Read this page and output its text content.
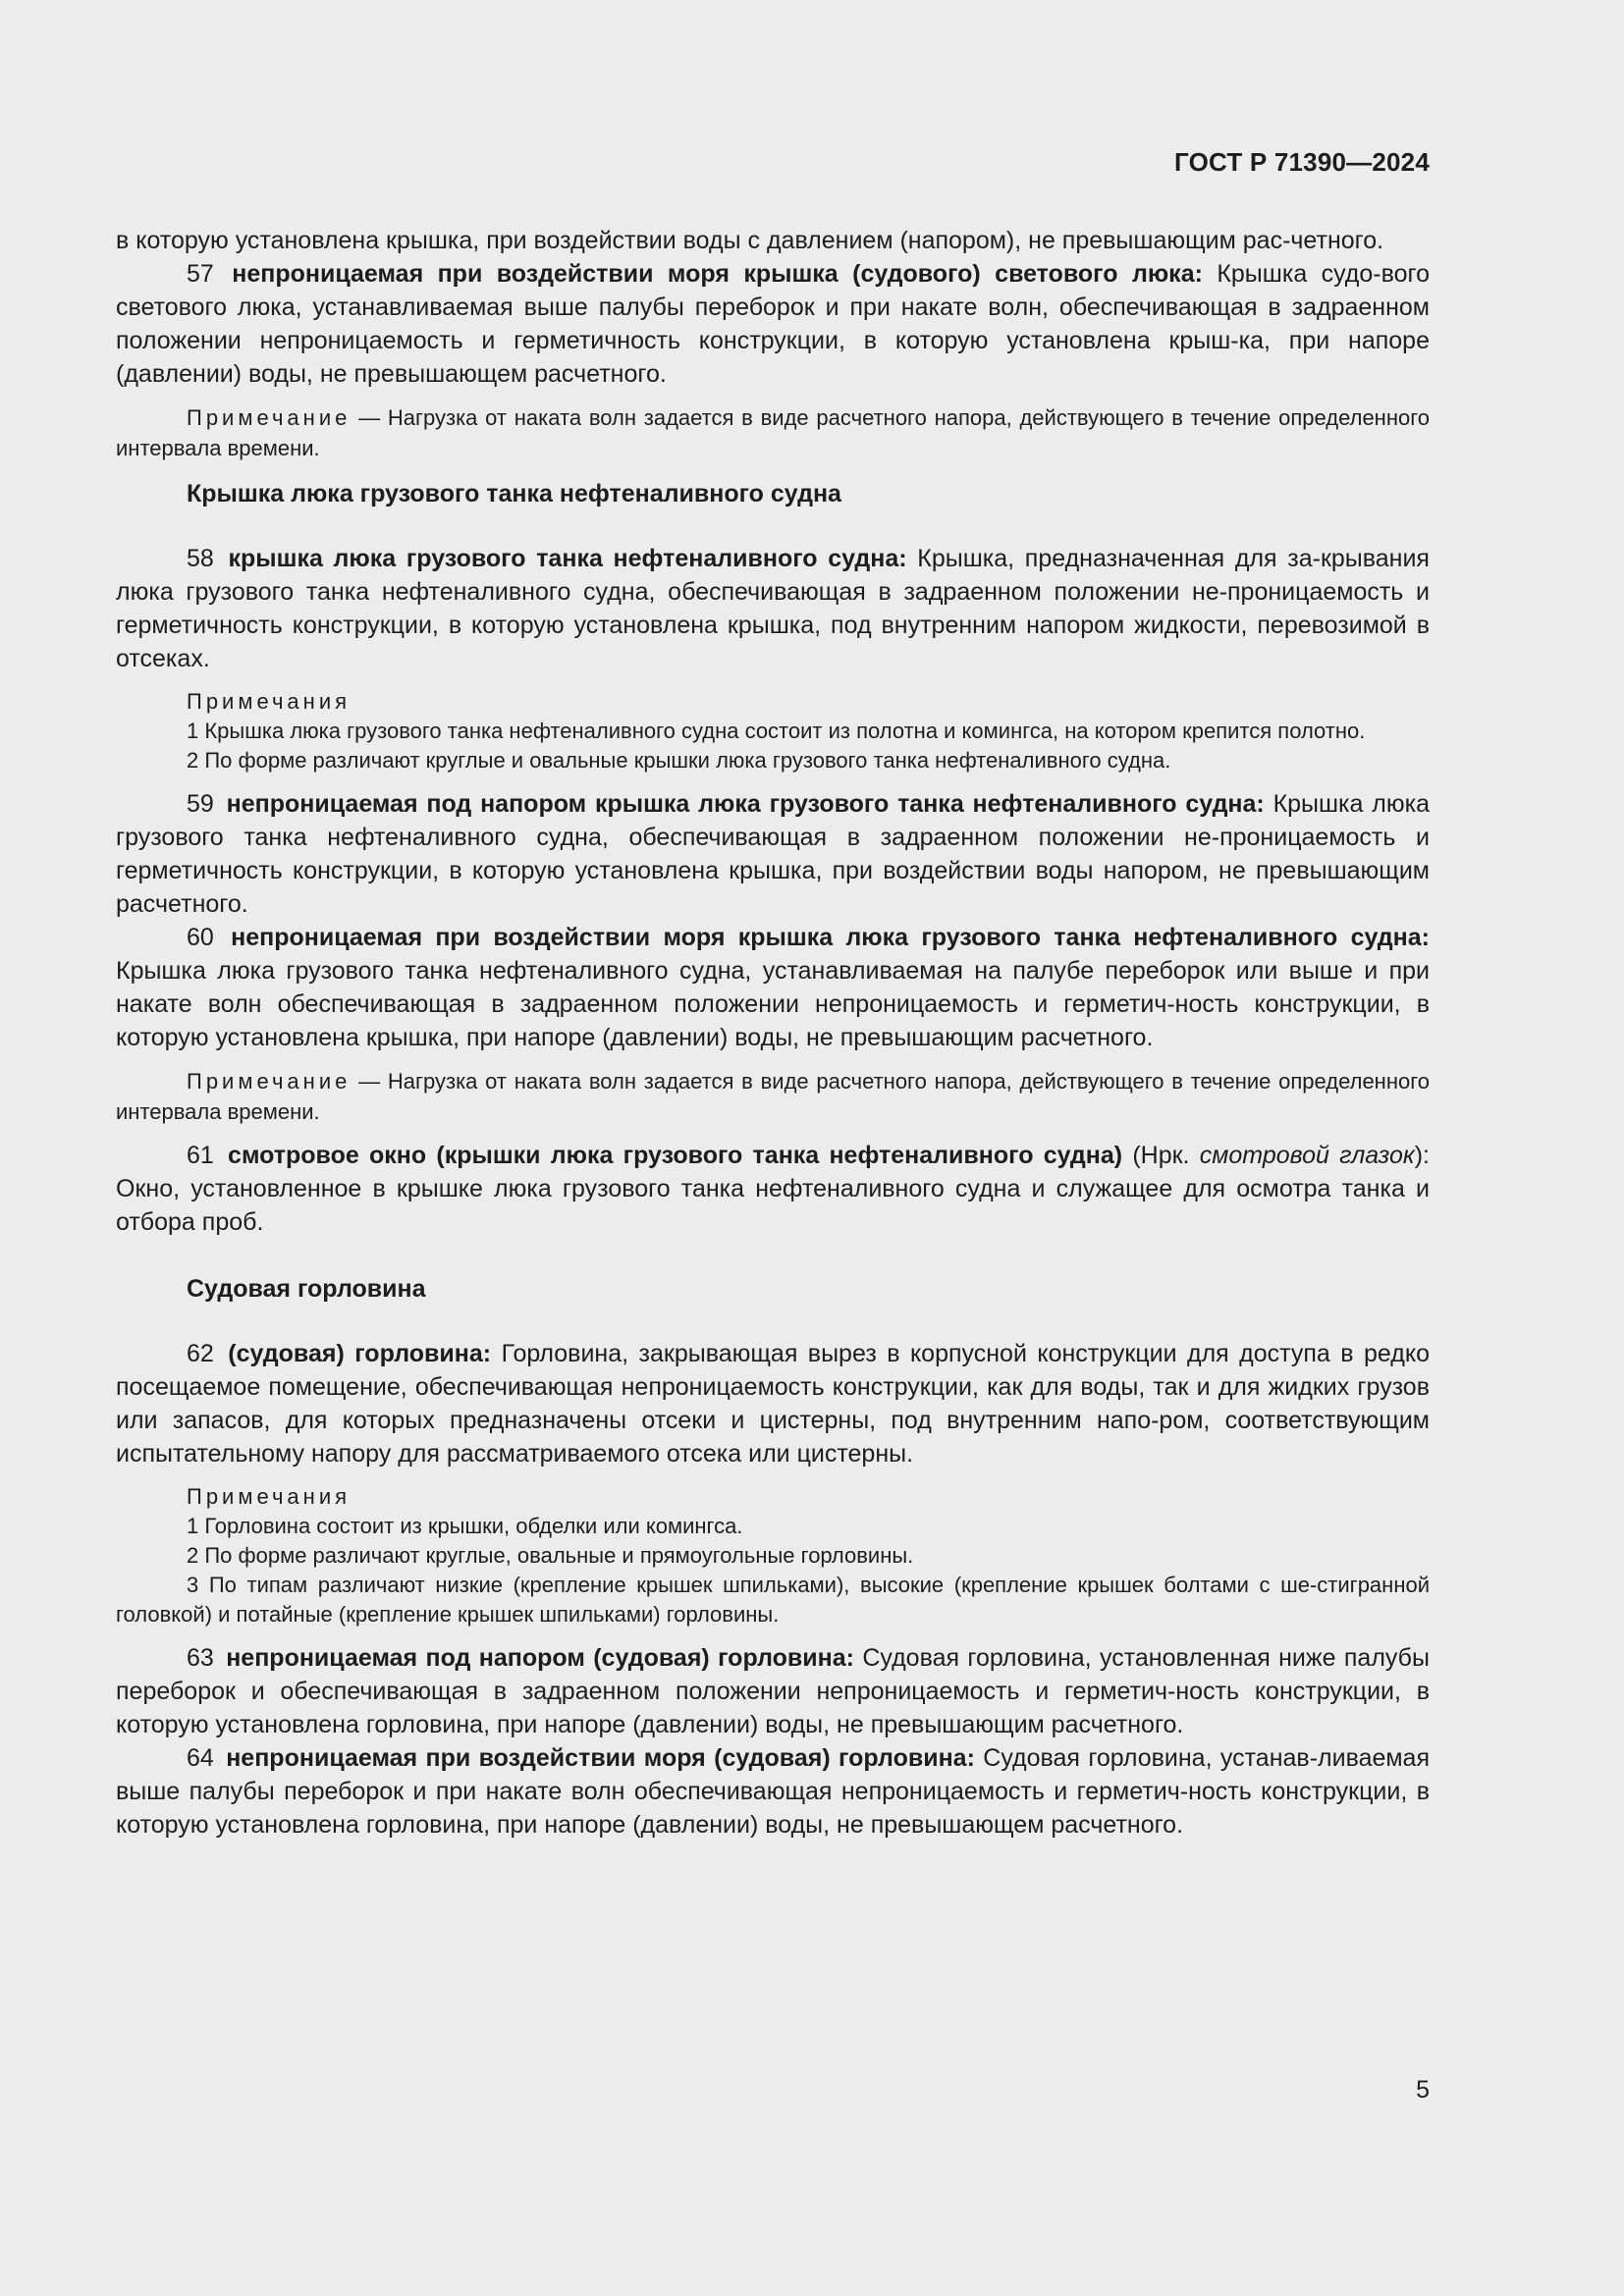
ГОСТ Р 71390—2024

в которую установлена крышка, при воздействии воды с давлением (напором), не превышающим рас-четного.

57 непроницаемая при воздействии моря крышка (судового) светового люка: Крышка судо-вого светового люка, устанавливаемая выше палубы переборок и при накате волн, обеспечивающая в задраенном положении непроницаемость и герметичность конструкции, в которую установлена крыш-ка, при напоре (давлении) воды, не превышающем расчетного.

Примечание — Нагрузка от наката волн задается в виде расчетного напора, действующего в течение определенного интервала времени.

Крышка люка грузового танка нефтеналивного судна

58 крышка люка грузового танка нефтеналивного судна: Крышка, предназначенная для за-крывания люка грузового танка нефтеналивного судна, обеспечивающая в задраенном положении не-проницаемость и герметичность конструкции, в которую установлена крышка, под внутренним напором жидкости, перевозимой в отсеках.

Примечания

1 Крышка люка грузового танка нефтеналивного судна состоит из полотна и комингса, на котором крепится полотно.

2 По форме различают круглые и овальные крышки люка грузового танка нефтеналивного судна.

59 непроницаемая под напором крышка люка грузового танка нефтеналивного судна: Крышка люка грузового танка нефтеналивного судна, обеспечивающая в задраенном положении не-проницаемость и герметичность конструкции, в которую установлена крышка, при воздействии воды напором, не превышающим расчетного.

60 непроницаемая при воздействии моря крышка люка грузового танка нефтеналивного судна: Крышка люка грузового танка нефтеналивного судна, устанавливаемая на палубе переборок или выше и при накате волн обеспечивающая в задраенном положении непроницаемость и герметич-ность конструкции, в которую установлена крышка, при напоре (давлении) воды, не превышающим расчетного.

Примечание — Нагрузка от наката волн задается в виде расчетного напора, действующего в течение определенного интервала времени.

61 смотровое окно (крышки люка грузового танка нефтеналивного судна) (Нрк. смотровой глазок): Окно, установленное в крышке люка грузового танка нефтеналивного судна и служащее для осмотра танка и отбора проб.

Судовая горловина

62 (судовая) горловина: Горловина, закрывающая вырез в корпусной конструкции для доступа в редко посещаемое помещение, обеспечивающая непроницаемость конструкции, как для воды, так и для жидких грузов или запасов, для которых предназначены отсеки и цистерны, под внутренним напо-ром, соответствующим испытательному напору для рассматриваемого отсека или цистерны.

Примечания

1 Горловина состоит из крышки, обделки или комингса.

2 По форме различают круглые, овальные и прямоугольные горловины.

3 По типам различают низкие (крепление крышек шпильками), высокие (крепление крышек болтами с ше-стигранной головкой) и потайные (крепление крышек шпильками) горловины.

63 непроницаемая под напором (судовая) горловина: Судовая горловина, установленная ниже палубы переборок и обеспечивающая в задраенном положении непроницаемость и герметич-ность конструкции, в которую установлена горловина, при напоре (давлении) воды, не превышающим расчетного.

64 непроницаемая при воздействии моря (судовая) горловина: Судовая горловина, устанав-ливаемая выше палубы переборок и при накате волн обеспечивающая непроницаемость и герметич-ность конструкции, в которую установлена горловина, при напоре (давлении) воды, не превышающем расчетного.

5
